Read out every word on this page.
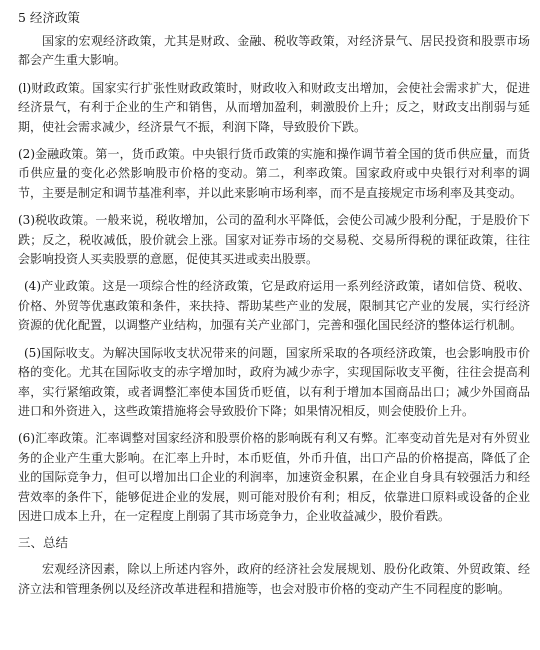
5 经济政策

国家的宏观经济政策，尤其是财政、金融、税收等政策，对经济景气、居民投资和股票市场都会产生重大影响。

(l)财政政策。国家实行扩张性财政政策时，财政收入和财政支出增加，会使社会需求扩大，促进经济景气，有利于企业的生产和销售，从而增加盈利，刺激股价上升；反之，财政支出削弱与延期，使社会需求减少，经济景气不振，利润下降，导致股价下跌。

(2)金融政策。第一，货币政策。中央银行货币政策的实施和操作调节着全国的货币供应量，而货币供应量的变化必然影响股市价格的变动。第二，利率政策。国家政府或中央银行对利率的调节，主要是制定和调节基准利率，并以此来影响市场利率，而不是直接规定市场利率及其变动。

(3)税收政策。一般来说，税收增加，公司的盈利水平降低，会使公司减少股利分配，于是股价下跌；反之，税收减低，股价就会上涨。国家对证券市场的交易税、交易所得税的课征政策，往往会影响投资人买卖股票的意愿，促使其买进或卖出股票。

(4)产业政策。这是一项综合性的经济政策，它是政府运用一系列经济政策，诸如信贷、税收、价格、外贸等优惠政策和条件，来扶持、帮助某些产业的发展，限制其它产业的发展，实行经济资源的优化配置，以调整产业结构，加强有关产业部门，完善和强化国民经济的整体运行机制。

(5)国际收支。为解决国际收支状况带来的问题，国家所采取的各项经济政策，也会影响股市价格的变化。尤其在国际收支的赤字增加时，政府为减少赤字，实现国际收支平衡，往往会提高利率，实行紧缩政策，或者调整汇率使本国货币贬值，以有利于增加本国商品出口；减少外国商品进口和外资进入，这些政策措施将会导致股价下降；如果情况相反，则会使股价上升。

(6)汇率政策。汇率调整对国家经济和股票价格的影响既有利又有弊。汇率变动首先是对有外贸业务的企业产生重大影响。在汇率上升时，本币贬值，外币升值，出口产品的价格提高，降低了企业的国际竞争力，但可以增加出口企业的利润率，加速资金积累，在企业自身具有较强活力和经营效率的条件下，能够促进企业的发展，则可能对股价有利；相反，依靠进口原料或设备的企业因进口成本上升，在一定程度上削弱了其市场竞争力，企业收益减少，股价看跌。

三、总结

宏观经济因素，除以上所述内容外，政府的经济社会发展规划、股份化政策、外贸政策、经济立法和管理条例以及经济改革进程和措施等，也会对股市价格的变动产生不同程度的影响。
